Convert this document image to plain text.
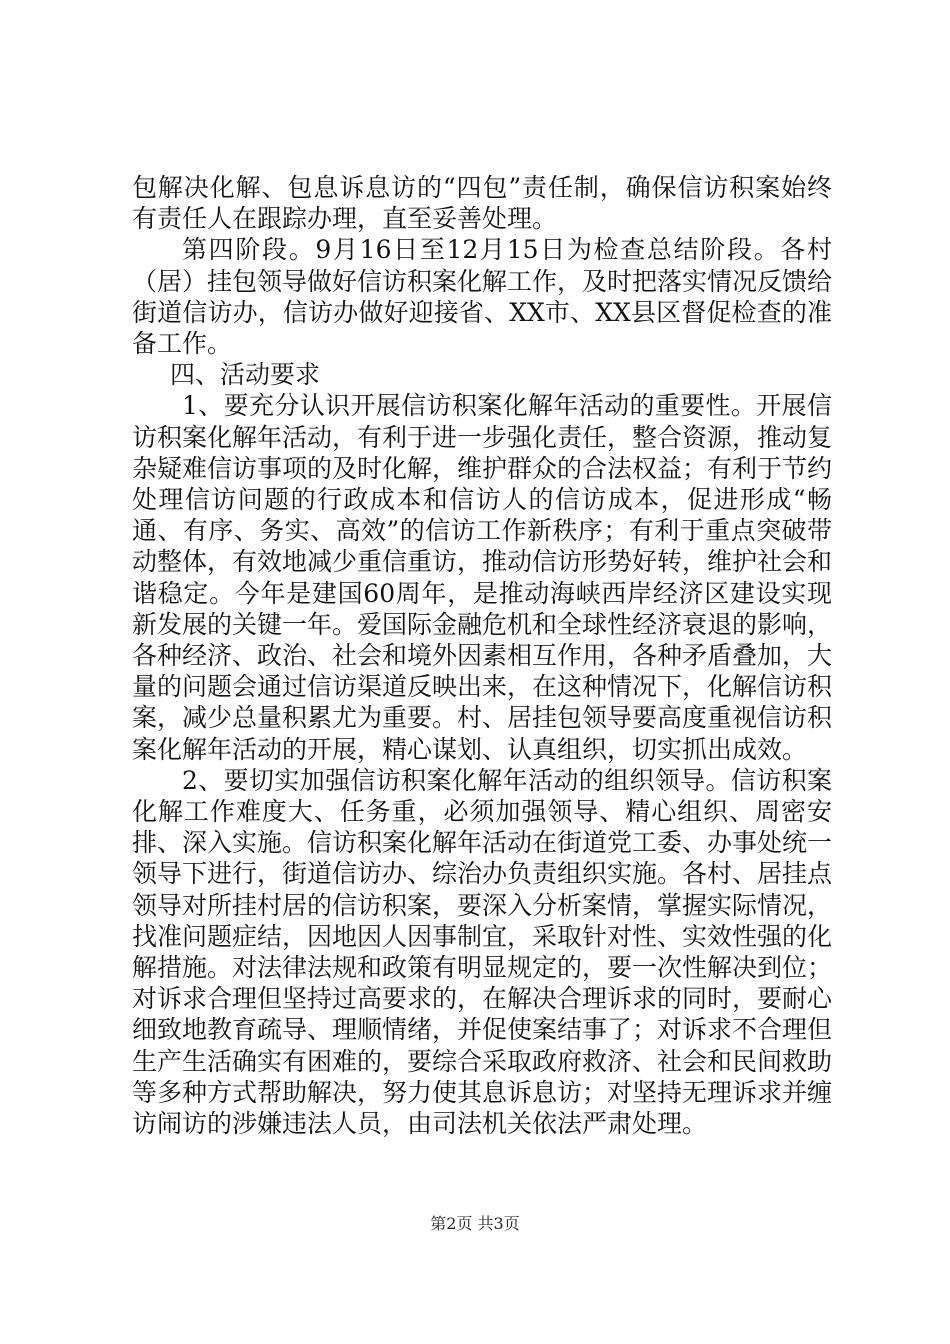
包解决化解、包息诉息访的“四包”责任制，确保信访积案始终有责任人在跟踪办理，直至妥善处理。

第四阶段。9月16日至12月15日为检查总结阶段。各村（居）挂包领导做好信访积案化解工作，及时把落实情况反馈给街道信访办，信访办做好迎接省、XX市、XX县区督促检查的准备工作。

四、活动要求

1、要充分认识开展信访积案化解年活动的重要性。开展信访积案化解年活动，有利于进一步强化责任，整合资源，推动复杂疑难信访事项的及时化解，维护群众的合法权益；有利于节约处理信访问题的行政成本和信访人的信访成本，促进形成“畅通、有序、务实、高效”的信访工作新秩序；有利于重点突破带动整体，有效地减少重信重访，推动信访形势好转，维护社会和谐稳定。今年是建国60周年，是推动海峡西岸经济区建设实现新发展的关键一年。爱国际金融危机和全球性经济衰退的影响，各种经济、政治、社会和境外因素相互作用，各种矛盾叠加，大量的问题会通过信访渠道反映出来，在这种情况下，化解信访积案，减少总量积累尤为重要。村、居挂包领导要高度重视信访积案化解年活动的开展，精心谋划、认真组织，切实抓出成效。

2、要切实加强信访积案化解年活动的组织领导。信访积案化解工作难度大、任务重，必须加强领导、精心组织、周密安排、深入实施。信访积案化解年活动在街道党工委、办事处统一领导下进行，街道信访办、综治办负责组织实施。各村、居挂点领导对所挂村居的信访积案，要深入分析案情，掌握实际情况，找准问题症结，因地因人因事制宜，采取针对性、实效性强的化解措施。对法律法规和政策有明显规定的，要一次性解决到位；对诉求合理但坚持过高要求的，在解决合理诉求的同时，要耐心细致地教育疏导、理顺情绪，并促使案结事了；对诉求不合理但生产生活确实有困难的，要综合采取政府救济、社会和民间救助等多种方式帮助解决，努力使其息诉息访；对坚持无理诉求并缠访闹访的涉嫌违法人员，由司法机关依法严肃处理。

第2页 共3页
